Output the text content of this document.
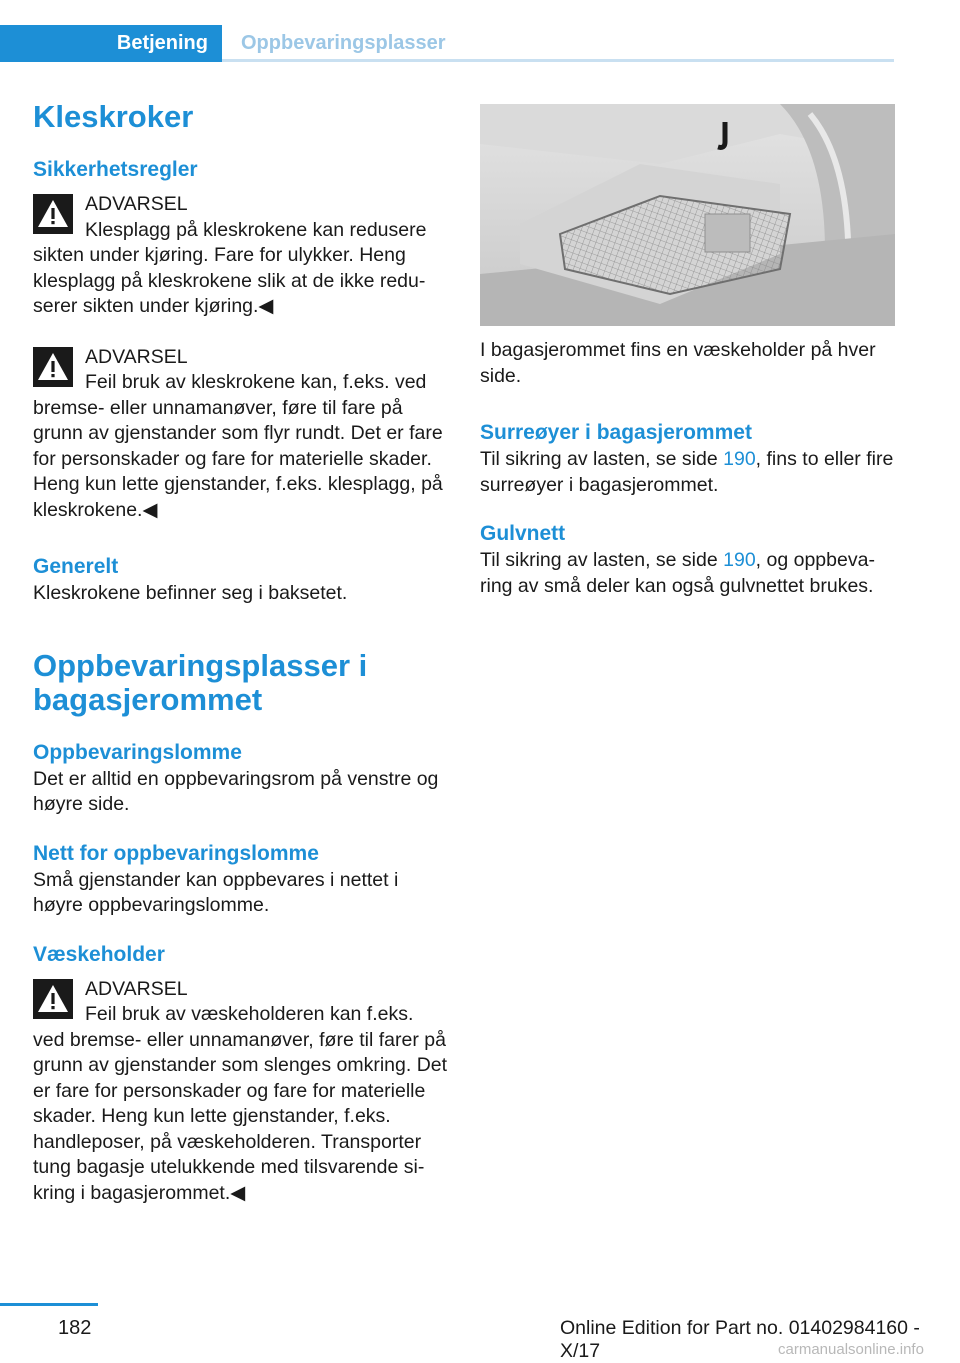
Betjening Oppbevaringsplasser
Kleskroker
Sikkerhetsregler

ADVARSEL

Klesplagg på kleskrokene kan redusere sikten under kjøring. Fare for ulykker. Heng klesplagg på kleskrokene slik at de ikke reduserer sikten under kjøring.◀

ADVARSEL

Feil bruk av kleskrokene kan, f.eks. ved bremse- eller unnamanøver, føre til fare på grunn av gjenstander som flyr rundt. Det er fare for personskader og fare for materielle skader. Heng kun lette gjenstander, f.eks. klesplagg, på kleskrokene.◀

Generelt

Kleskrokene befinner seg i baksetet.

Oppbevaringsplasser i bagasjerommet
Oppbevaringslomme

Det er alltid en oppbevaringsrom på venstre og høyre side.

Nett for oppbevaringslomme

Små gjenstander kan oppbevares i nettet i høyre oppbevaringslomme.

Væskeholder

ADVARSEL

Feil bruk av væskeholderen kan f.eks. ved bremse- eller unnamanøver, føre til farer på grunn av gjenstander som slenges omkring. Det er fare for personskader og fare for materielle skader. Heng kun lette gjenstander, f.eks. handleposer, på væskeholderen. Transporter tung bagasje utelukkende med tilsvarende sikring i bagasjerommet.◀

I bagasjerommet fins en væskeholder på hver side.

Surreøyer i bagasjerommet

Til sikring av lasten, se side 190, fins to eller fire surreøyer i bagasjerommet.

Gulvnett

Til sikring av lasten, se side 190, og oppbevaring av små deler kan også gulvnettet brukes.

182	Online Edition for Part no. 01402984160 - X/17	carmanualsonline.info
